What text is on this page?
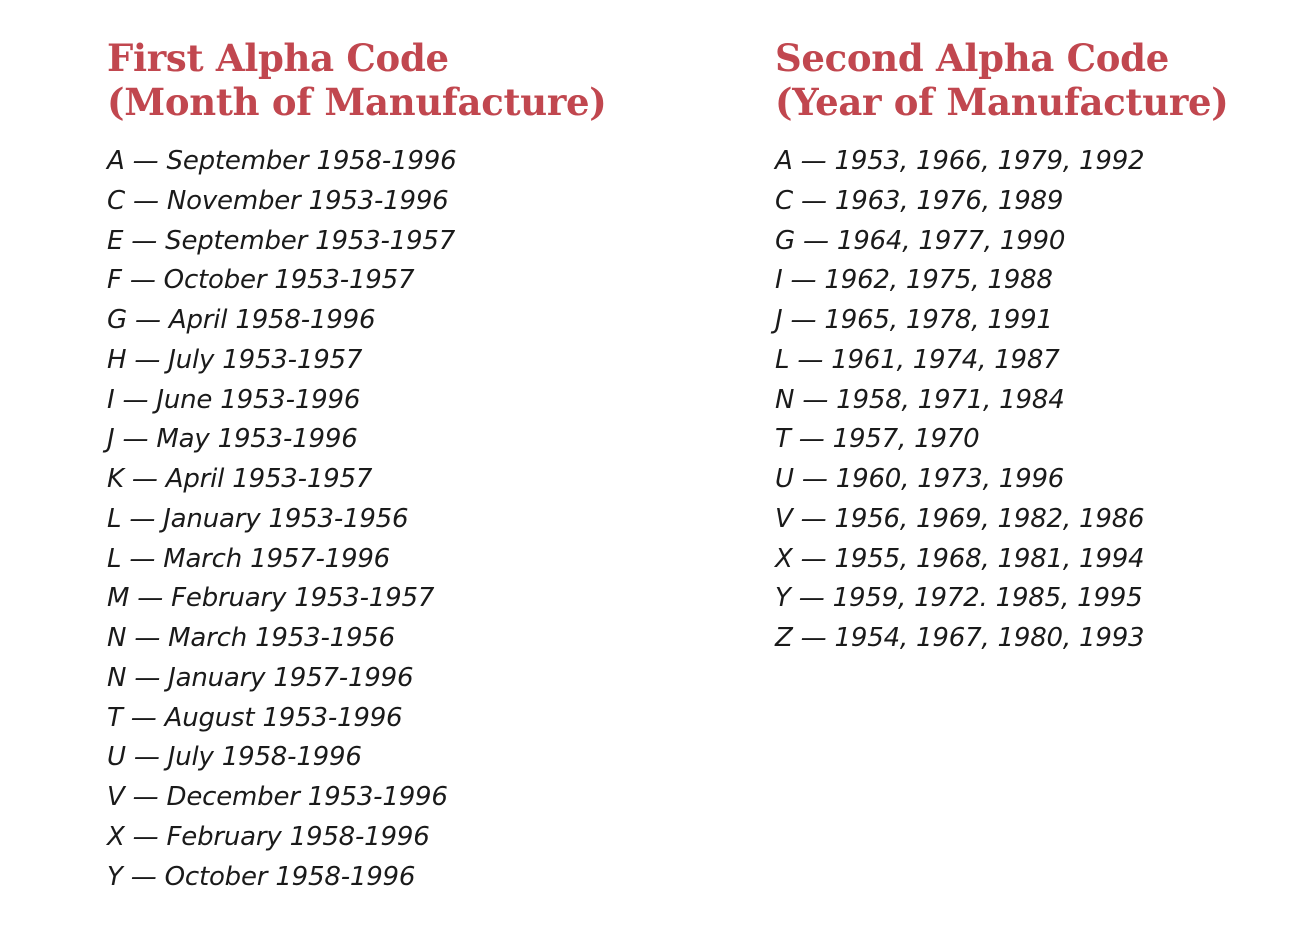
First Alpha Code
(Month of Manufacture)
A — September 1958-1996
C — November 1953-1996
E — September 1953-1957
F — October 1953-1957
G — April 1958-1996
H — July 1953-1957
I — June 1953-1996
J — May 1953-1996
K — April 1953-1957
L — January 1953-1956
L — March 1957-1996
M — February 1953-1957
N — March 1953-1956
N — January 1957-1996
T — August 1953-1996
U — July 1958-1996
V — December 1953-1996
X — February 1958-1996
Y — October 1958-1996
Second Alpha Code
(Year of Manufacture)
A — 1953, 1966, 1979, 1992
C — 1963, 1976, 1989
G — 1964, 1977, 1990
I — 1962, 1975, 1988
J — 1965, 1978, 1991
L — 1961, 1974, 1987
N — 1958, 1971, 1984
T — 1957, 1970
U — 1960, 1973, 1996
V — 1956, 1969, 1982, 1986
X — 1955, 1968, 1981, 1994
Y — 1959, 1972. 1985, 1995
Z — 1954, 1967, 1980, 1993
